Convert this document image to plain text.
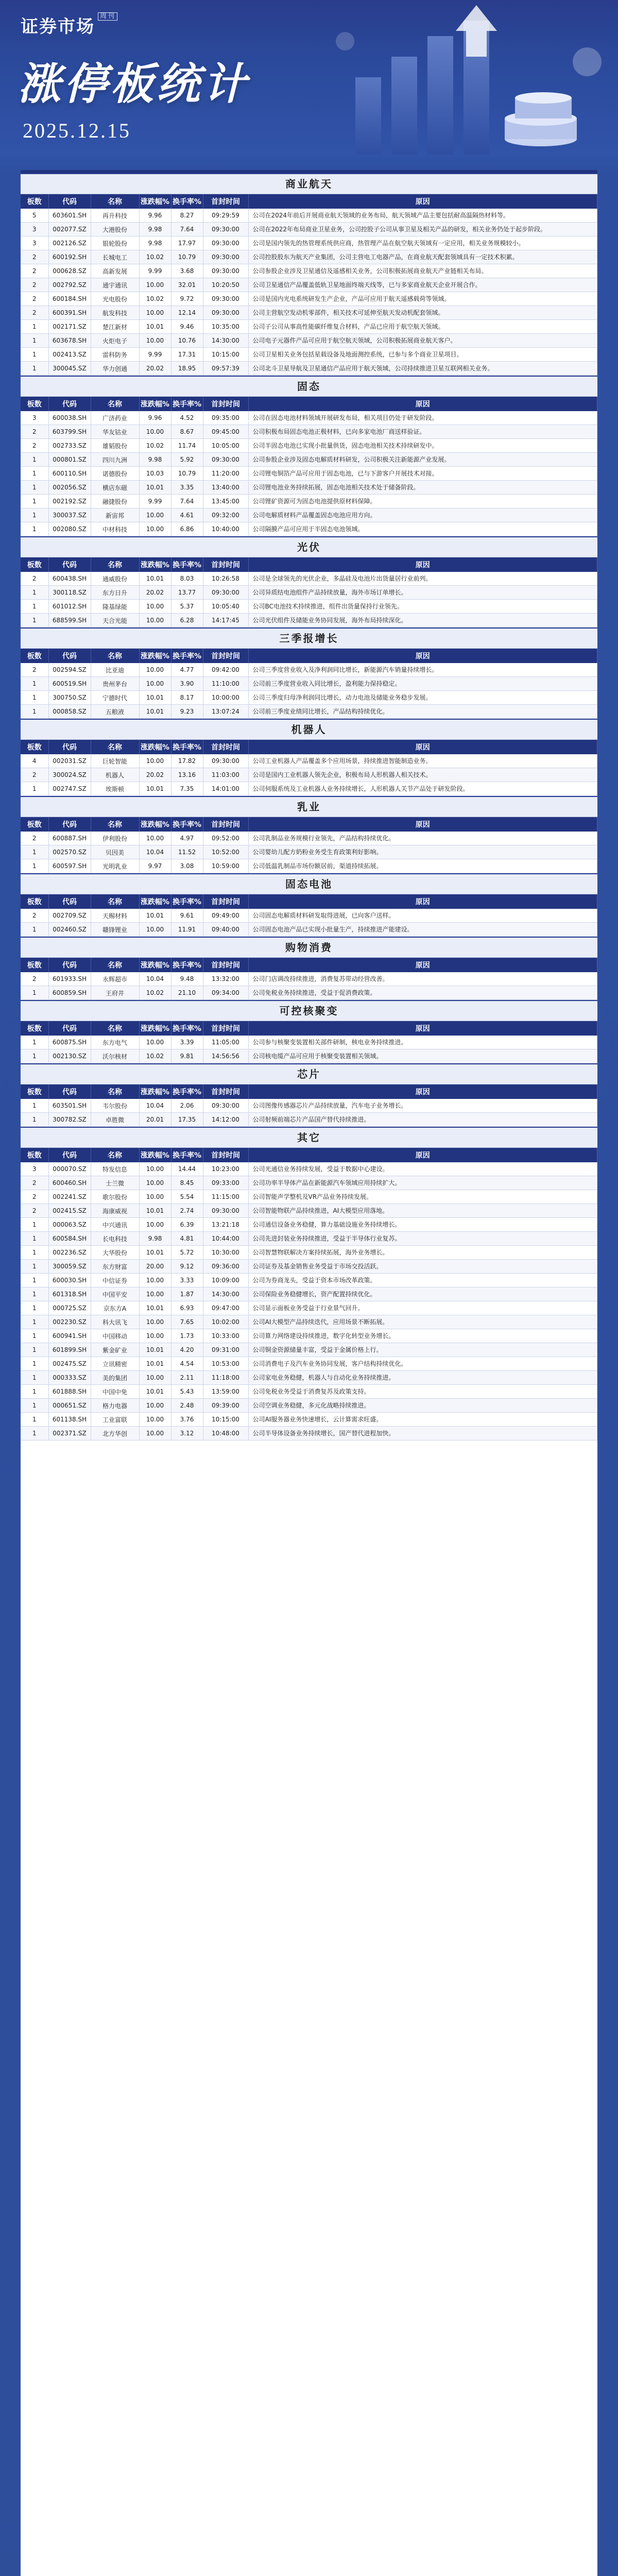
证券市场周刊
涨停板统计
2025.12.15
商业航天
板数	代码	名称	涨跌幅%	换手率%	首封时间	原因
5	603601.SH	再升科技	9.96	8.27	09:29:59	公司在2024年前后开展商业航天领域的业务布局，航天领域产品主要包括耐高温隔热材料等。
3	002077.SZ	大港股份	9.98	7.64	09:30:00	公司在2022年布局商业卫星业务，公司控股子公司从事卫星及相关产品的研发，相关业务仍处于起步阶段。
3	002126.SZ	银轮股份	9.98	17.97	09:30:00	公司是国内领先的热管理系统供应商，热管理产品在航空航天领域有一定应用，相关业务规模较小。
2	600192.SH	长城电工	10.02	10.79	09:30:00	公司控股股东为航天产业集团，公司主营电工电器产品，在商业航天配套领域具有一定技术积累。
2	000628.SZ	高新发展	9.99	3.68	09:30:00	公司参股企业涉及卫星通信及遥感相关业务，公司积极拓展商业航天产业链相关布局。
2	002792.SZ	通宇通讯	10.00	32.01	10:20:50	公司卫星通信产品覆盖低轨卫星地面终端天线等，已与多家商业航天企业开展合作。
2	600184.SH	光电股份	10.02	9.72	09:30:00	公司是国内光电系统研发生产企业，产品可应用于航天遥感载荷等领域。
2	600391.SH	航发科技	10.00	12.14	09:30:00	公司主营航空发动机零部件，相关技术可延伸至航天发动机配套领域。
1	002171.SZ	楚江新材	10.01	9.46	10:35:00	公司子公司从事高性能碳纤维复合材料，产品已应用于航空航天领域。
1	603678.SH	火炬电子	10.00	10.76	14:30:00	公司电子元器件产品可应用于航空航天领域，公司积极拓展商业航天客户。
1	002413.SZ	雷科防务	9.99	17.31	10:15:00	公司卫星相关业务包括星载设备及地面测控系统，已参与多个商业卫星项目。
1	300045.SZ	华力创通	20.02	18.95	09:57:39	公司北斗卫星导航及卫星通信产品应用于航天领域，公司持续推进卫星互联网相关业务。
固态
板数	代码	名称	涨跌幅%	换手率%	首封时间	原因
3	600038.SH	广济药业	9.96	4.52	09:35:00	公司在固态电池材料领域开展研发布局，相关项目仍处于研发阶段。
2	603799.SH	华友钴业	10.00	8.67	09:45:00	公司积极布局固态电池正极材料，已向多家电池厂商送样验证。
2	002733.SZ	雄韬股份	10.02	11.74	10:05:00	公司半固态电池已实现小批量供货，固态电池相关技术持续研发中。
1	000801.SZ	四川九洲	9.98	5.92	09:30:00	公司参股企业涉及固态电解质材料研发，公司积极关注新能源产业发展。
1	600110.SH	诺德股份	10.03	10.79	11:20:00	公司锂电铜箔产品可应用于固态电池，已与下游客户开展技术对接。
1	002056.SZ	横店东磁	10.01	3.35	13:40:00	公司锂电池业务持续拓展，固态电池相关技术处于储备阶段。
1	002192.SZ	融捷股份	9.99	7.64	13:45:00	公司锂矿资源可为固态电池提供原材料保障。
1	300037.SZ	新宙邦	10.00	4.61	09:32:00	公司电解质材料产品覆盖固态电池应用方向。
1	002080.SZ	中材科技	10.00	6.86	10:40:00	公司隔膜产品可应用于半固态电池领域。
光伏
板数	代码	名称	涨跌幅%	换手率%	首封时间	原因
2	600438.SH	通威股份	10.01	8.03	10:26:58	公司是全球领先的光伏企业，多晶硅及电池片出货量居行业前列。
1	300118.SZ	东方日升	20.02	13.77	09:30:00	公司异质结电池组件产品持续放量，海外市场订单增长。
1	601012.SH	隆基绿能	10.00	5.37	10:05:40	公司BC电池技术持续推进，组件出货量保持行业领先。
1	688599.SH	天合光能	10.00	6.28	14:17:45	公司光伏组件及储能业务协同发展，海外布局持续深化。
三季报增长
板数	代码	名称	涨跌幅%	换手率%	首封时间	原因
2	002594.SZ	比亚迪	10.00	4.77	09:42:00	公司三季度营业收入及净利润同比增长，新能源汽车销量持续增长。
1	600519.SH	贵州茅台	10.00	3.90	11:10:00	公司前三季度营业收入同比增长，盈利能力保持稳定。
1	300750.SZ	宁德时代	10.01	8.17	10:00:00	公司三季度归母净利润同比增长，动力电池及储能业务稳步发展。
1	000858.SZ	五粮液	10.01	9.23	13:07:24	公司前三季度业绩同比增长，产品结构持续优化。
机器人
板数	代码	名称	涨跌幅%	换手率%	首封时间	原因
4	002031.SZ	巨轮智能	10.00	17.82	09:30:00	公司工业机器人产品覆盖多个应用场景，持续推进智能制造业务。
2	300024.SZ	机器人	20.02	13.16	11:03:00	公司是国内工业机器人领先企业，积极布局人形机器人相关技术。
1	002747.SZ	埃斯顿	10.01	7.35	14:01:00	公司伺服系统及工业机器人业务持续增长，人形机器人关节产品处于研发阶段。
乳业
板数	代码	名称	涨跌幅%	换手率%	首封时间	原因
2	600887.SH	伊利股份	10.00	4.97	09:52:00	公司乳制品业务规模行业领先，产品结构持续优化。
1	002570.SZ	贝因美	10.04	11.52	10:52:00	公司婴幼儿配方奶粉业务受生育政策利好影响。
1	600597.SH	光明乳业	9.97	3.08	10:59:00	公司低温乳制品市场份额居前，渠道持续拓展。
固态电池
板数	代码	名称	涨跌幅%	换手率%	首封时间	原因
2	002709.SZ	天赐材料	10.01	9.61	09:49:00	公司固态电解质材料研发取得进展，已向客户送样。
1	002460.SZ	赣锋锂业	10.00	11.91	09:40:00	公司固态电池产品已实现小批量生产，持续推进产能建设。
购物消费
板数	代码	名称	涨跌幅%	换手率%	首封时间	原因
2	601933.SH	永辉超市	10.04	9.48	13:32:00	公司门店调改持续推进，消费复苏带动经营改善。
1	600859.SH	王府井	10.02	21.10	09:34:00	公司免税业务持续推进，受益于促消费政策。
可控核聚变
板数	代码	名称	涨跌幅%	换手率%	首封时间	原因
1	600875.SH	东方电气	10.00	3.39	11:05:00	公司参与核聚变装置相关部件研制，核电业务持续推进。
1	002130.SZ	沃尔核材	10.02	9.81	14:56:56	公司核电缆产品可应用于核聚变装置相关领域。
芯片
板数	代码	名称	涨跌幅%	换手率%	首封时间	原因
1	603501.SH	韦尔股份	10.04	2.06	09:30:00	公司图像传感器芯片产品持续放量，汽车电子业务增长。
1	300782.SZ	卓胜微	20.01	17.35	14:12:00	公司射频前端芯片产品国产替代持续推进。
其它
板数	代码	名称	涨跌幅%	换手率%	首封时间	原因
3	000070.SZ	特发信息	10.00	14.44	10:23:00	公司光通信业务持续发展，受益于数据中心建设。
2	600460.SH	士兰微	10.00	8.45	09:33:00	公司功率半导体产品在新能源汽车领域应用持续扩大。
2	002241.SZ	歌尔股份	10.00	5.54	11:15:00	公司智能声学整机及VR产品业务持续发展。
2	002415.SZ	海康威视	10.01	2.74	09:30:00	公司智能物联产品持续推进，AI大模型应用落地。
1	000063.SZ	中兴通讯	10.00	6.39	13:21:18	公司通信设备业务稳健，算力基础设施业务持续增长。
1	600584.SH	长电科技	9.98	4.81	10:44:00	公司先进封装业务持续推进，受益于半导体行业复苏。
1	002236.SZ	大华股份	10.01	5.72	10:30:00	公司智慧物联解决方案持续拓展，海外业务增长。
1	300059.SZ	东方财富	20.00	9.12	09:36:00	公司证券及基金销售业务受益于市场交投活跃。
1	600030.SH	中信证券	10.00	3.33	10:09:00	公司为券商龙头，受益于资本市场改革政策。
1	601318.SH	中国平安	10.00	1.87	14:30:00	公司保险业务稳健增长，资产配置持续优化。
1	000725.SZ	京东方A	10.01	6.93	09:47:00	公司显示面板业务受益于行业景气回升。
1	002230.SZ	科大讯飞	10.00	7.65	10:02:00	公司AI大模型产品持续迭代，应用场景不断拓展。
1	600941.SH	中国移动	10.00	1.73	10:33:00	公司算力网络建设持续推进，数字化转型业务增长。
1	601899.SH	紫金矿业	10.01	4.20	09:31:00	公司铜金资源储量丰富，受益于金属价格上行。
1	002475.SZ	立讯精密	10.01	4.54	10:53:00	公司消费电子及汽车业务协同发展，客户结构持续优化。
1	000333.SZ	美的集团	10.00	2.11	11:18:00	公司家电业务稳健，机器人与自动化业务持续推进。
1	601888.SH	中国中免	10.01	5.43	13:59:00	公司免税业务受益于消费复苏及政策支持。
1	000651.SZ	格力电器	10.00	2.48	09:39:00	公司空调业务稳健，多元化战略持续推进。
1	601138.SH	工业富联	10.00	3.76	10:15:00	公司AI服务器业务快速增长，云计算需求旺盛。
1	002371.SZ	北方华创	10.00	3.12	10:48:00	公司半导体设备业务持续增长，国产替代进程加快。
